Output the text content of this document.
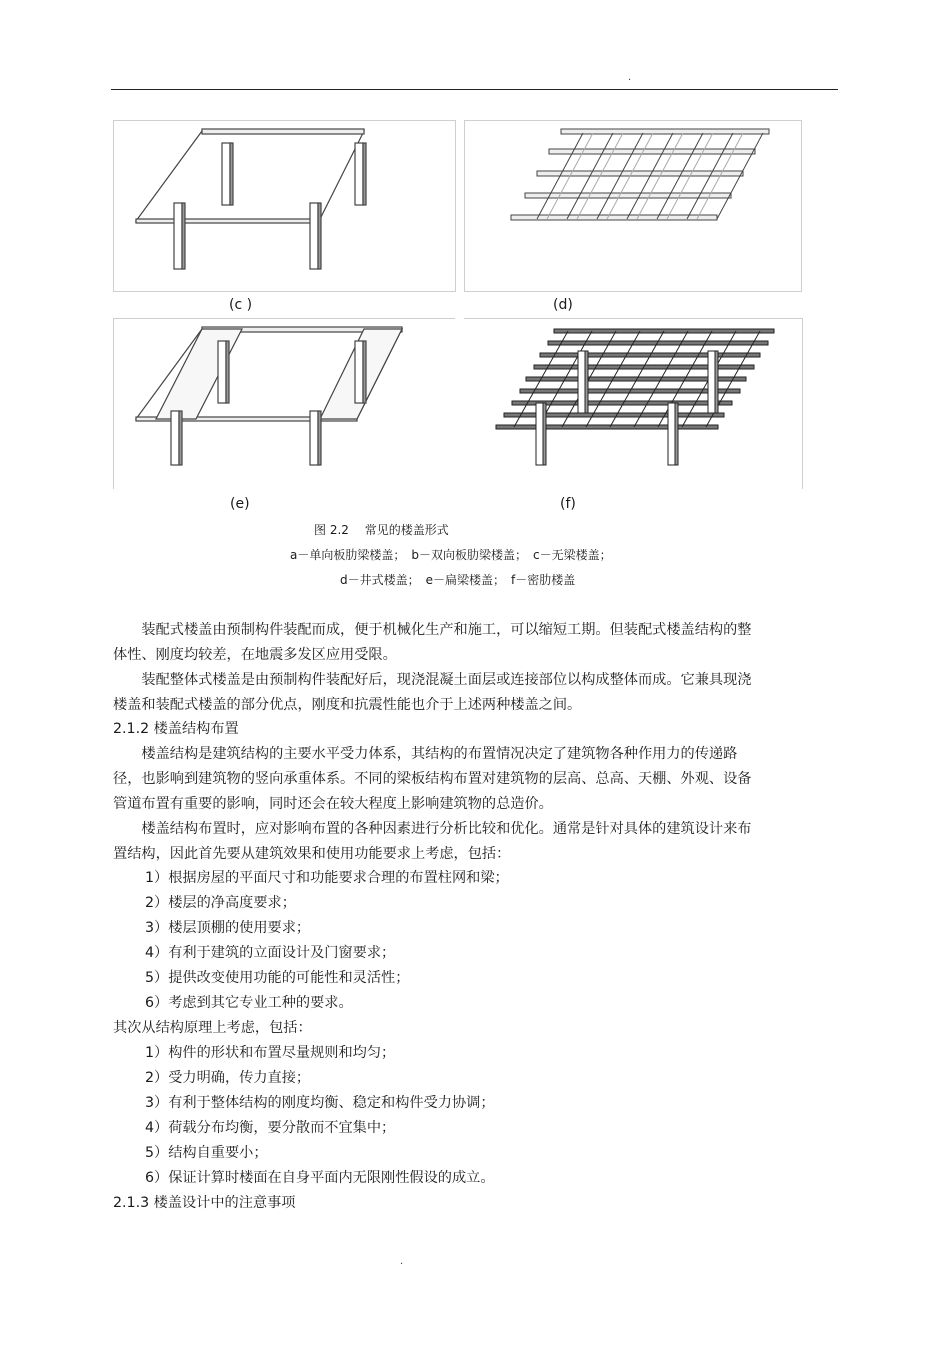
.
(c )	(d)
(e)	(f)
图 2.2　 常见的楼盖形式
a－单向板肋梁楼盖；　b－双向板肋梁楼盖；　c－无梁楼盖；
d－井式楼盖；　e－扁梁楼盖；　f－密肋楼盖
　　装配式楼盖由预制构件装配而成，便于机械化生产和施工，可以缩短工期。但装配式楼盖结构的整体性、刚度均较差，在地震多发区应用受限。
　　装配整体式楼盖是由预制构件装配好后，现浇混凝土面层或连接部位以构成整体而成。它兼具现浇楼盖和装配式楼盖的部分优点，刚度和抗震性能也介于上述两种楼盖之间。
2.1.2 楼盖结构布置
　　楼盖结构是建筑结构的主要水平受力体系，其结构的布置情况决定了建筑物各种作用力的传递路径，也影响到建筑物的竖向承重体系。不同的梁板结构布置对建筑物的层高、总高、天棚、外观、设备管道布置有重要的影响，同时还会在较大程度上影响建筑物的总造价。
　　楼盖结构布置时，应对影响布置的各种因素进行分析比较和优化。通常是针对具体的建筑设计来布置结构，因此首先要从建筑效果和使用功能要求上考虑，包括：
1）根据房屋的平面尺寸和功能要求合理的布置柱网和梁；
2）楼层的净高度要求；
3）楼层顶棚的使用要求；
4）有利于建筑的立面设计及门窗要求；
5）提供改变使用功能的可能性和灵活性；
6）考虑到其它专业工种的要求。
其次从结构原理上考虑，包括：
1）构件的形状和布置尽量规则和均匀；
2）受力明确，传力直接；
3）有利于整体结构的刚度均衡、稳定和构件受力协调；
4）荷载分布均衡，要分散而不宜集中；
5）结构自重要小；
6）保证计算时楼面在自身平面内无限刚性假设的成立。
2.1.3 楼盖设计中的注意事项
.
